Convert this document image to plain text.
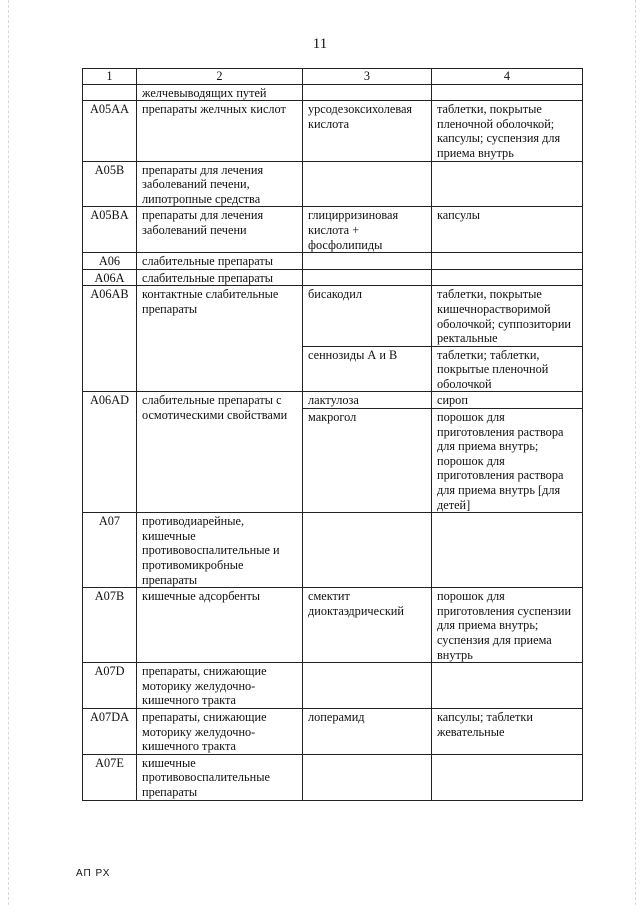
11
1	2	3	4
	желчевыводящих путей		
A05AA	препараты желчных кислот	урсодезоксихолевая кислота	таблетки, покрытые пленочной оболочкой; капсулы; суспензия для приема внутрь
A05B	препараты для лечения заболеваний печени, липотропные средства		
A05BA	препараты для лечения заболеваний печени	глицирризиновая кислота + фосфолипиды	капсулы
A06	слабительные препараты		
A06A	слабительные препараты		
A06AB	контактные слабительные препараты	бисакодил	таблетки, покрытые кишечнорастворимой оболочкой; суппозитории ректальные
		сеннозиды А и В	таблетки; таблетки, покрытые пленочной оболочкой
A06AD	слабительные препараты с осмотическими свойствами	лактулоза	сироп
		макрогол	порошок для приготовления раствора для приема внутрь; порошок для приготовления раствора для приема внутрь [для детей]
A07	противодиарейные, кишечные противовоспалительные и противомикробные препараты		
A07B	кишечные адсорбенты	смектит диоктаэдрический	порошок для приготовления суспензии для приема внутрь; суспензия для приема внутрь
A07D	препараты, снижающие моторику желудочно-кишечного тракта		
A07DA	препараты, снижающие моторику желудочно-кишечного тракта	лоперамид	капсулы; таблетки жевательные
A07E	кишечные противовоспалительные препараты		
АП РХ
